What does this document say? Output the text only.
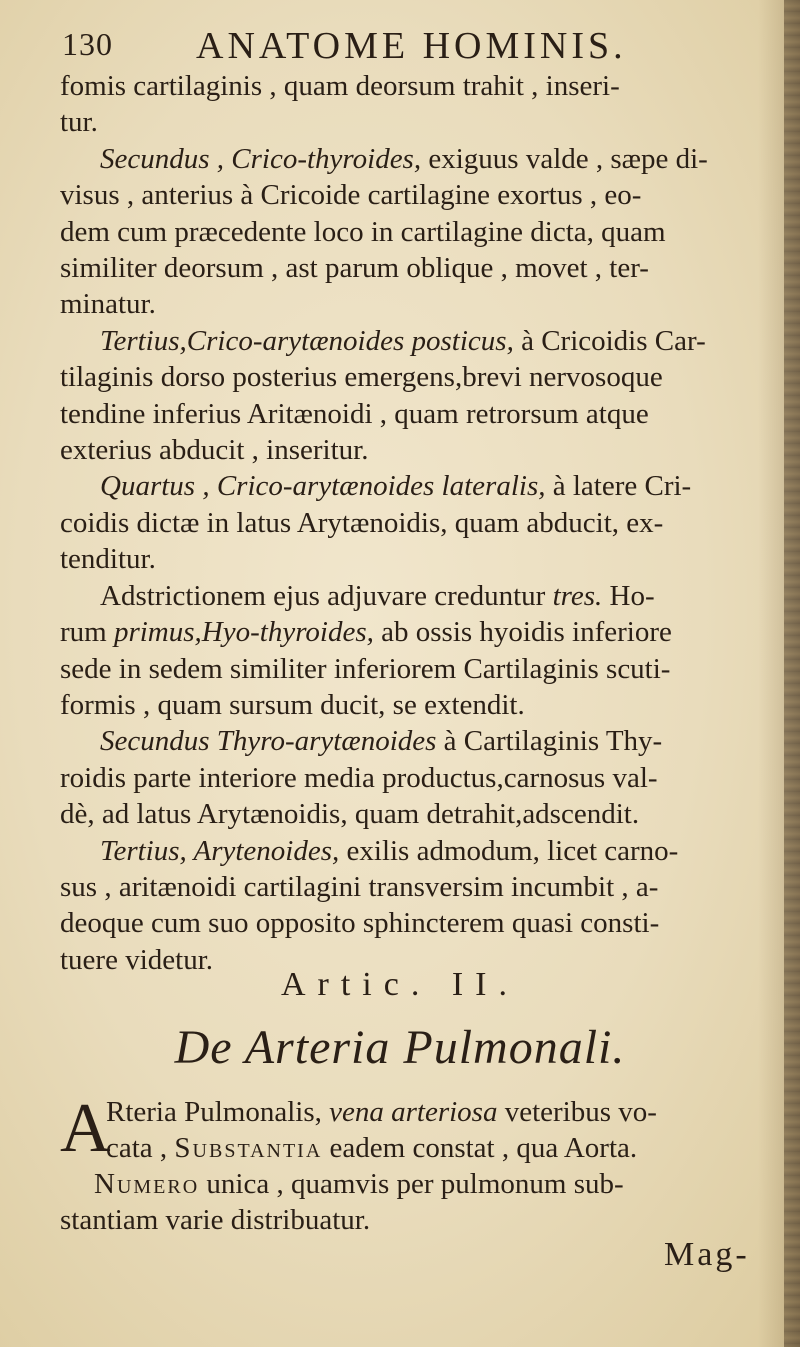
130 ANATOME HOMINIS.
fomis cartilaginis , quam deorsum trahit , inseri-
tur.
Secundus , Crico-thyroides, exiguus valde , sæpe di-
visus , anterius à Cricoide cartilagine exortus , eo-
dem cum præcedente loco in cartilagine dicta, quam
similiter deorsum , ast parum oblique , movet , ter-
minatur.
Tertius,Crico-arytænoides posticus, à Cricoidis Car-
tilaginis dorso posterius emergens,brevi nervosoque
tendine inferius Aritænoidi , quam retrorsum atque
exterius abducit , inseritur.
Quartus , Crico-arytænoides lateralis, à latere Cri-
coidis dictæ in latus Arytænoidis, quam abducit, ex-
tenditur.
Adstrictionem ejus adjuvare creduntur tres. Ho-
rum primus,Hyo-thyroides, ab ossis hyoidis inferiore
sede in sedem similiter inferiorem Cartilaginis scuti-
formis , quam sursum ducit, se extendit.
Secundus Thyro-arytænoides à Cartilaginis Thy-
roidis parte interiore media productus,carnosus val-
dè, ad latus Arytænoidis, quam detrahit,adscendit.
Tertius, Arytenoides, exilis admodum, licet carno-
sus , aritænoidi cartilagini transversim incumbit , a-
deoque cum suo opposito sphincterem quasi consti-
tuere videtur.
Artic. II.
De Arteria Pulmonali.
A
Rteria Pulmonalis, vena arteriosa veteribus vo-
cata , Substantia eadem constat , qua Aorta.
Numero unica , quamvis per pulmonum sub-
stantiam varie distribuatur.
Mag-
